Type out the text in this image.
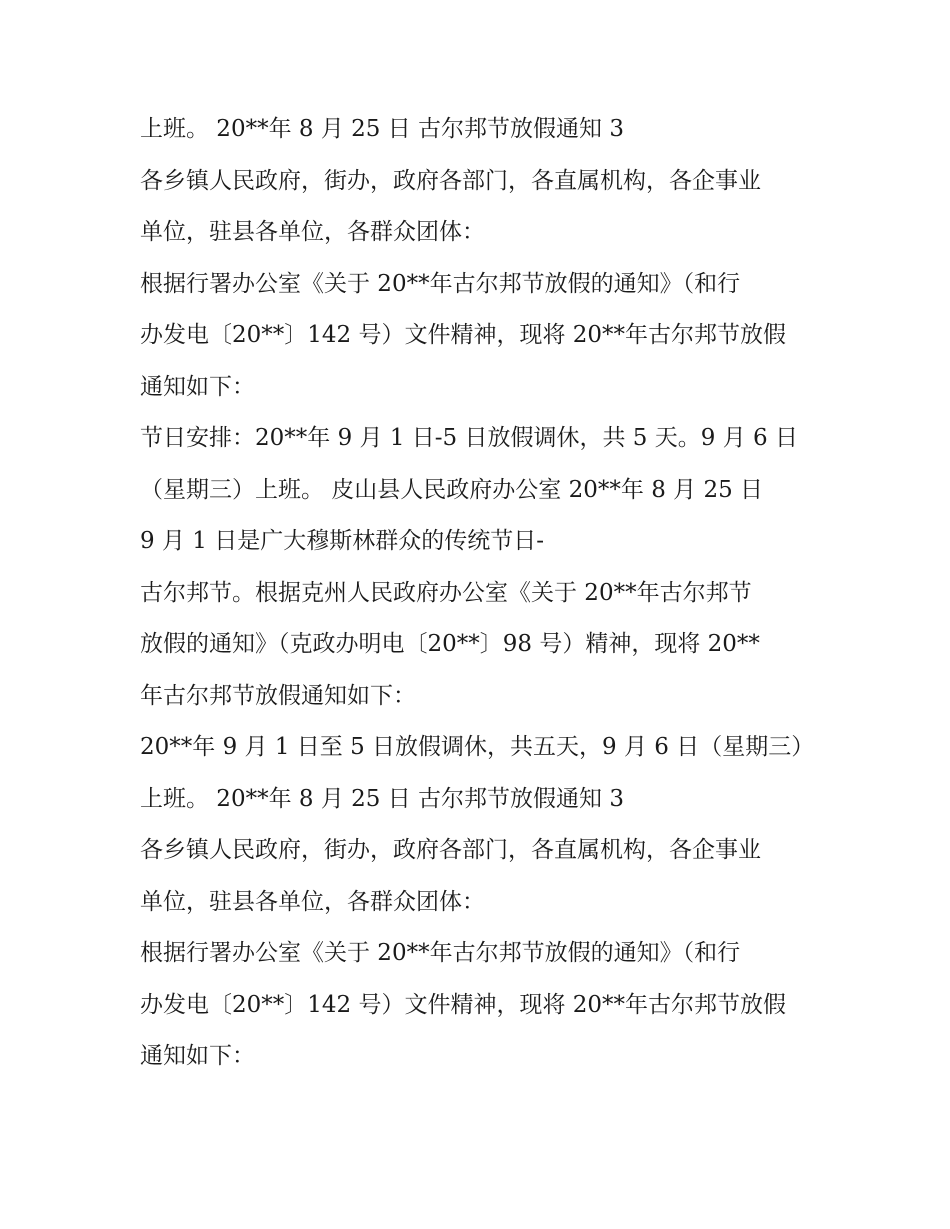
上班。 20**年 8 月 25 日 古尔邦节放假通知 3
各乡镇人民政府，街办，政府各部门，各直属机构，各企事业
单位，驻县各单位，各群众团体：
根据行署办公室《关于 20**年古尔邦节放假的通知》（和行
办发电〔20**〕142 号）文件精神，现将 20**年古尔邦节放假
通知如下：
节日安排：20**年 9 月 1 日-5 日放假调休，共 5 天。9 月 6 日
（星期三）上班。 皮山县人民政府办公室 20**年 8 月 25 日
9 月 1 日是广大穆斯林群众的传统节日-
古尔邦节。根据克州人民政府办公室《关于 20**年古尔邦节
放假的通知》（克政办明电〔20**〕98 号）精神，现将 20**
年古尔邦节放假通知如下：
20**年 9 月 1 日至 5 日放假调休，共五天，9 月 6 日（星期三）
上班。 20**年 8 月 25 日 古尔邦节放假通知 3
各乡镇人民政府，街办，政府各部门，各直属机构，各企事业
单位，驻县各单位，各群众团体：
根据行署办公室《关于 20**年古尔邦节放假的通知》（和行
办发电〔20**〕142 号）文件精神，现将 20**年古尔邦节放假
通知如下：
